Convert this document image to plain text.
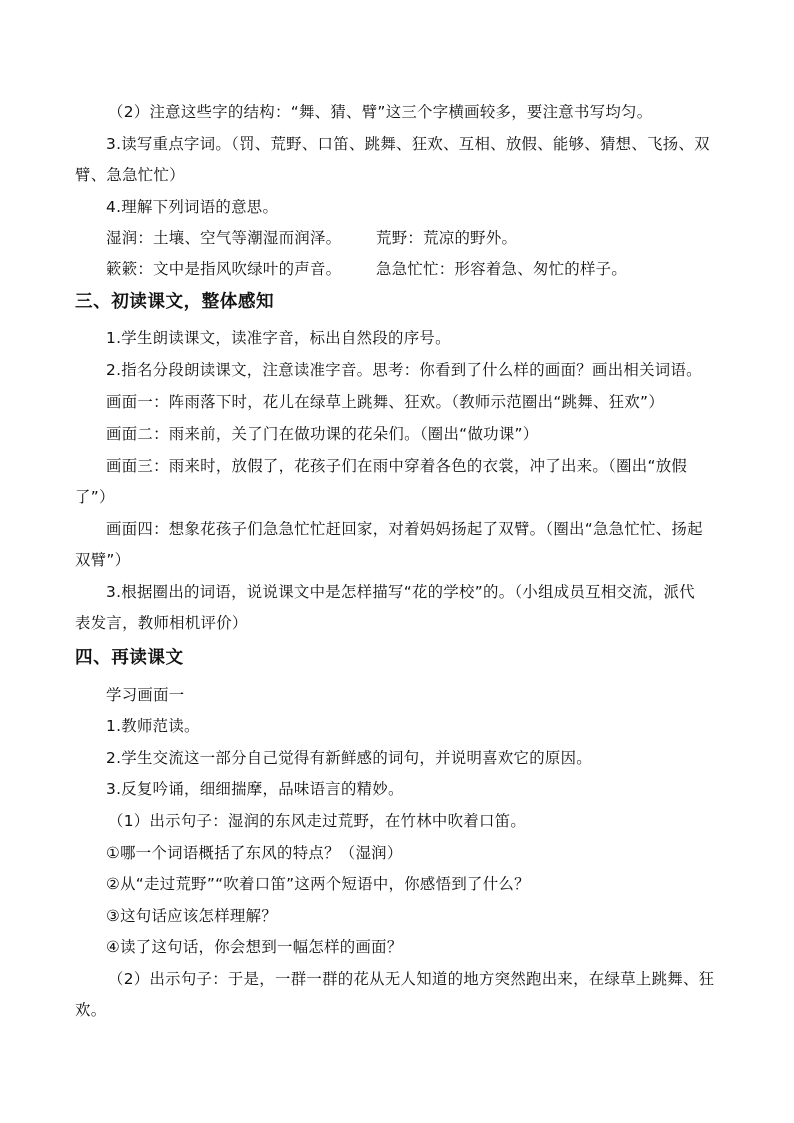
（2）注意这些字的结构：“舞、猜、臂”这三个字横画较多，要注意书写均匀。
3.读写重点字词。（罚、荒野、口笛、跳舞、狂欢、互相、放假、能够、猜想、飞扬、双
臂、急急忙忙）
4.理解下列词语的意思。
湿润：土壤、空气等潮湿而润泽。 荒野：荒凉的野外。
簌簌：文中是指风吹绿叶的声音。 急急忙忙：形容着急、匆忙的样子。
三、初读课文，整体感知
1.学生朗读课文，读准字音，标出自然段的序号。
2.指名分段朗读课文，注意读准字音。思考：你看到了什么样的画面？画出相关词语。
画面一：阵雨落下时，花儿在绿草上跳舞、狂欢。（教师示范圈出“跳舞、狂欢”）
画面二：雨来前，关了门在做功课的花朵们。（圈出“做功课”）
画面三：雨来时，放假了，花孩子们在雨中穿着各色的衣裳，冲了出来。（圈出“放假
了”）
画面四：想象花孩子们急急忙忙赶回家，对着妈妈扬起了双臂。（圈出“急急忙忙、扬起
双臂”）
3.根据圈出的词语，说说课文中是怎样描写“花的学校”的。（小组成员互相交流，派代
表发言，教师相机评价）
四、再读课文
学习画面一
1.教师范读。
2.学生交流这一部分自己觉得有新鲜感的词句，并说明喜欢它的原因。
3.反复吟诵，细细揣摩，品味语言的精妙。
（1）出示句子：湿润的东风走过荒野，在竹林中吹着口笛。
①哪一个词语概括了东风的特点？（湿润）
②从“走过荒野”“吹着口笛”这两个短语中，你感悟到了什么？
③这句话应该怎样理解？
④读了这句话，你会想到一幅怎样的画面？
（2）出示句子：于是，一群一群的花从无人知道的地方突然跑出来，在绿草上跳舞、狂
欢。
